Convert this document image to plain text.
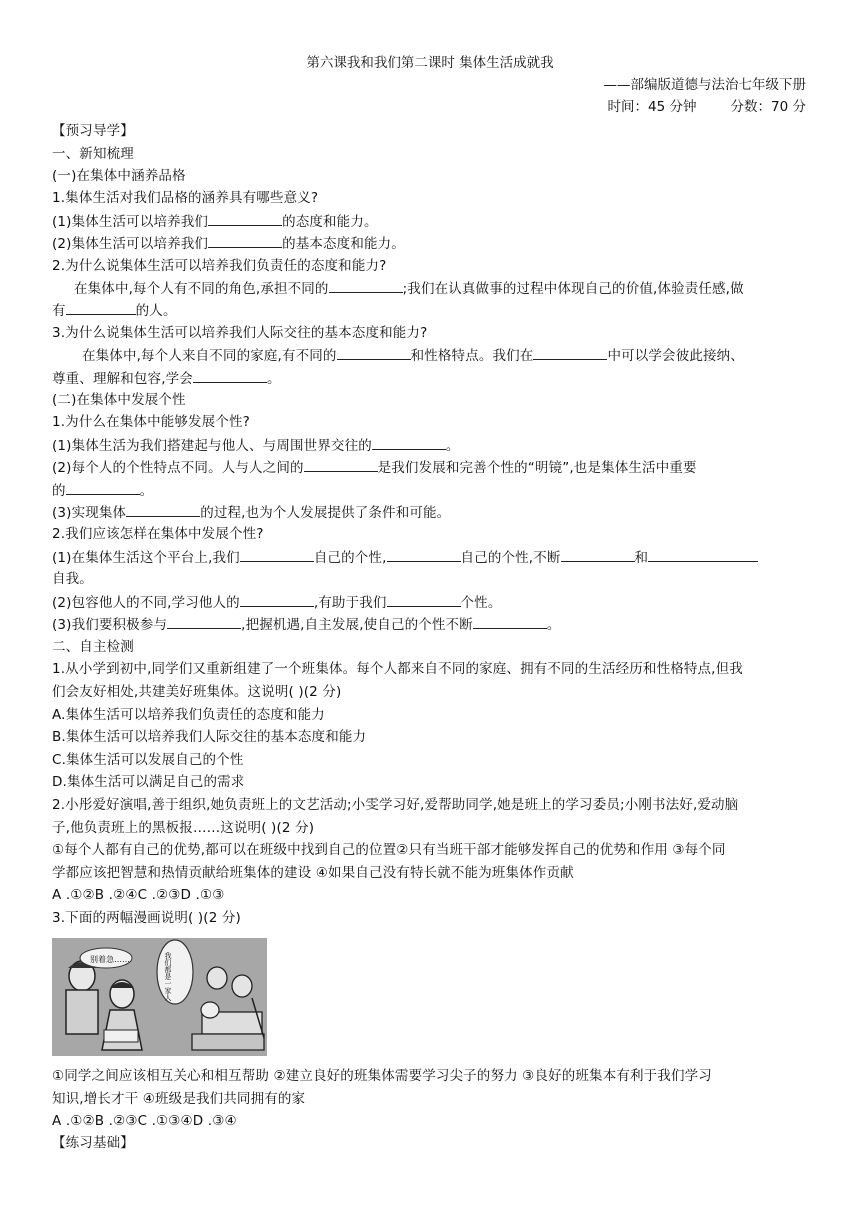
第六课我和我们第二课时 集体生活成就我
——部编版道德与法治七年级下册
时间：45 分钟	分数：70 分
【预习导学】
一、新知梳理
(一)在集体中涵养品格
1.集体生活对我们品格的涵养具有哪些意义?
(1)集体生活可以培养我们	的态度和能力。
(2)集体生活可以培养我们	的基本态度和能力。
2.为什么说集体生活可以培养我们负责任的态度和能力?
在集体中,每个人有不同的角色,承担不同的	;我们在认真做事的过程中体现自己的价值,体验责任感,做
有	的人。
3.为什么说集体生活可以培养我们人际交往的基本态度和能力?
在集体中,每个人来自不同的家庭,有不同的	和性格特点。我们在	中可以学会彼此接纳、
尊重、理解和包容,学会	。
(二)在集体中发展个性
1.为什么在集体中能够发展个性?
(1)集体生活为我们搭建起与他人、与周围世界交往的	。
(2)每个人的个性特点不同。人与人之间的	是我们发展和完善个性的“明镜”,也是集体生活中重要
的	。
(3)实现集体	的过程,也为个人发展提供了条件和可能。
2.我们应该怎样在集体中发展个性?
(1)在集体生活这个平台上,我们	自己的个性,	自己的个性,不断	和
自我。
(2)包容他人的不同,学习他人的	,有助于我们	个性。
(3)我们要积极参与	,把握机遇,自主发展,使自己的个性不断	。
二、自主检测
1.从小学到初中,同学们又重新组建了一个班集体。每个人都来自不同的家庭、拥有不同的生活经历和性格特点,但我
们会友好相处,共建美好班集体。这说明( )(2 分)
A.集体生活可以培养我们负责任的态度和能力
B.集体生活可以培养我们人际交往的基本态度和能力
C.集体生活可以发展自己的个性
D.集体生活可以满足自己的需求
2.小彤爱好演唱,善于组织,她负责班上的文艺活动;小雯学习好,爱帮助同学,她是班上的学习委员;小刚书法好,爱动脑
子,他负责班上的黑板报……这说明( )(2 分)
①每个人都有自己的优势,都可以在班级中找到自己的位置②只有当班干部才能够发挥自己的优势和作用 ③每个同
学都应该把智慧和热情贡献给班集体的建设 ④如果自己没有特长就不能为班集体作贡献
A .①②B .②④C .②③D .①③
3.下面的两幅漫画说明( )(2 分)
别着急……	我们都是一家人
①同学之间应该相互关心和相互帮助 ②建立良好的班集体需要学习尖子的努力 ③良好的班集本有利于我们学习
知识,增长才干 ④班级是我们共同拥有的家
A .①②B .②③C .①③④D .③④
【练习基础】
